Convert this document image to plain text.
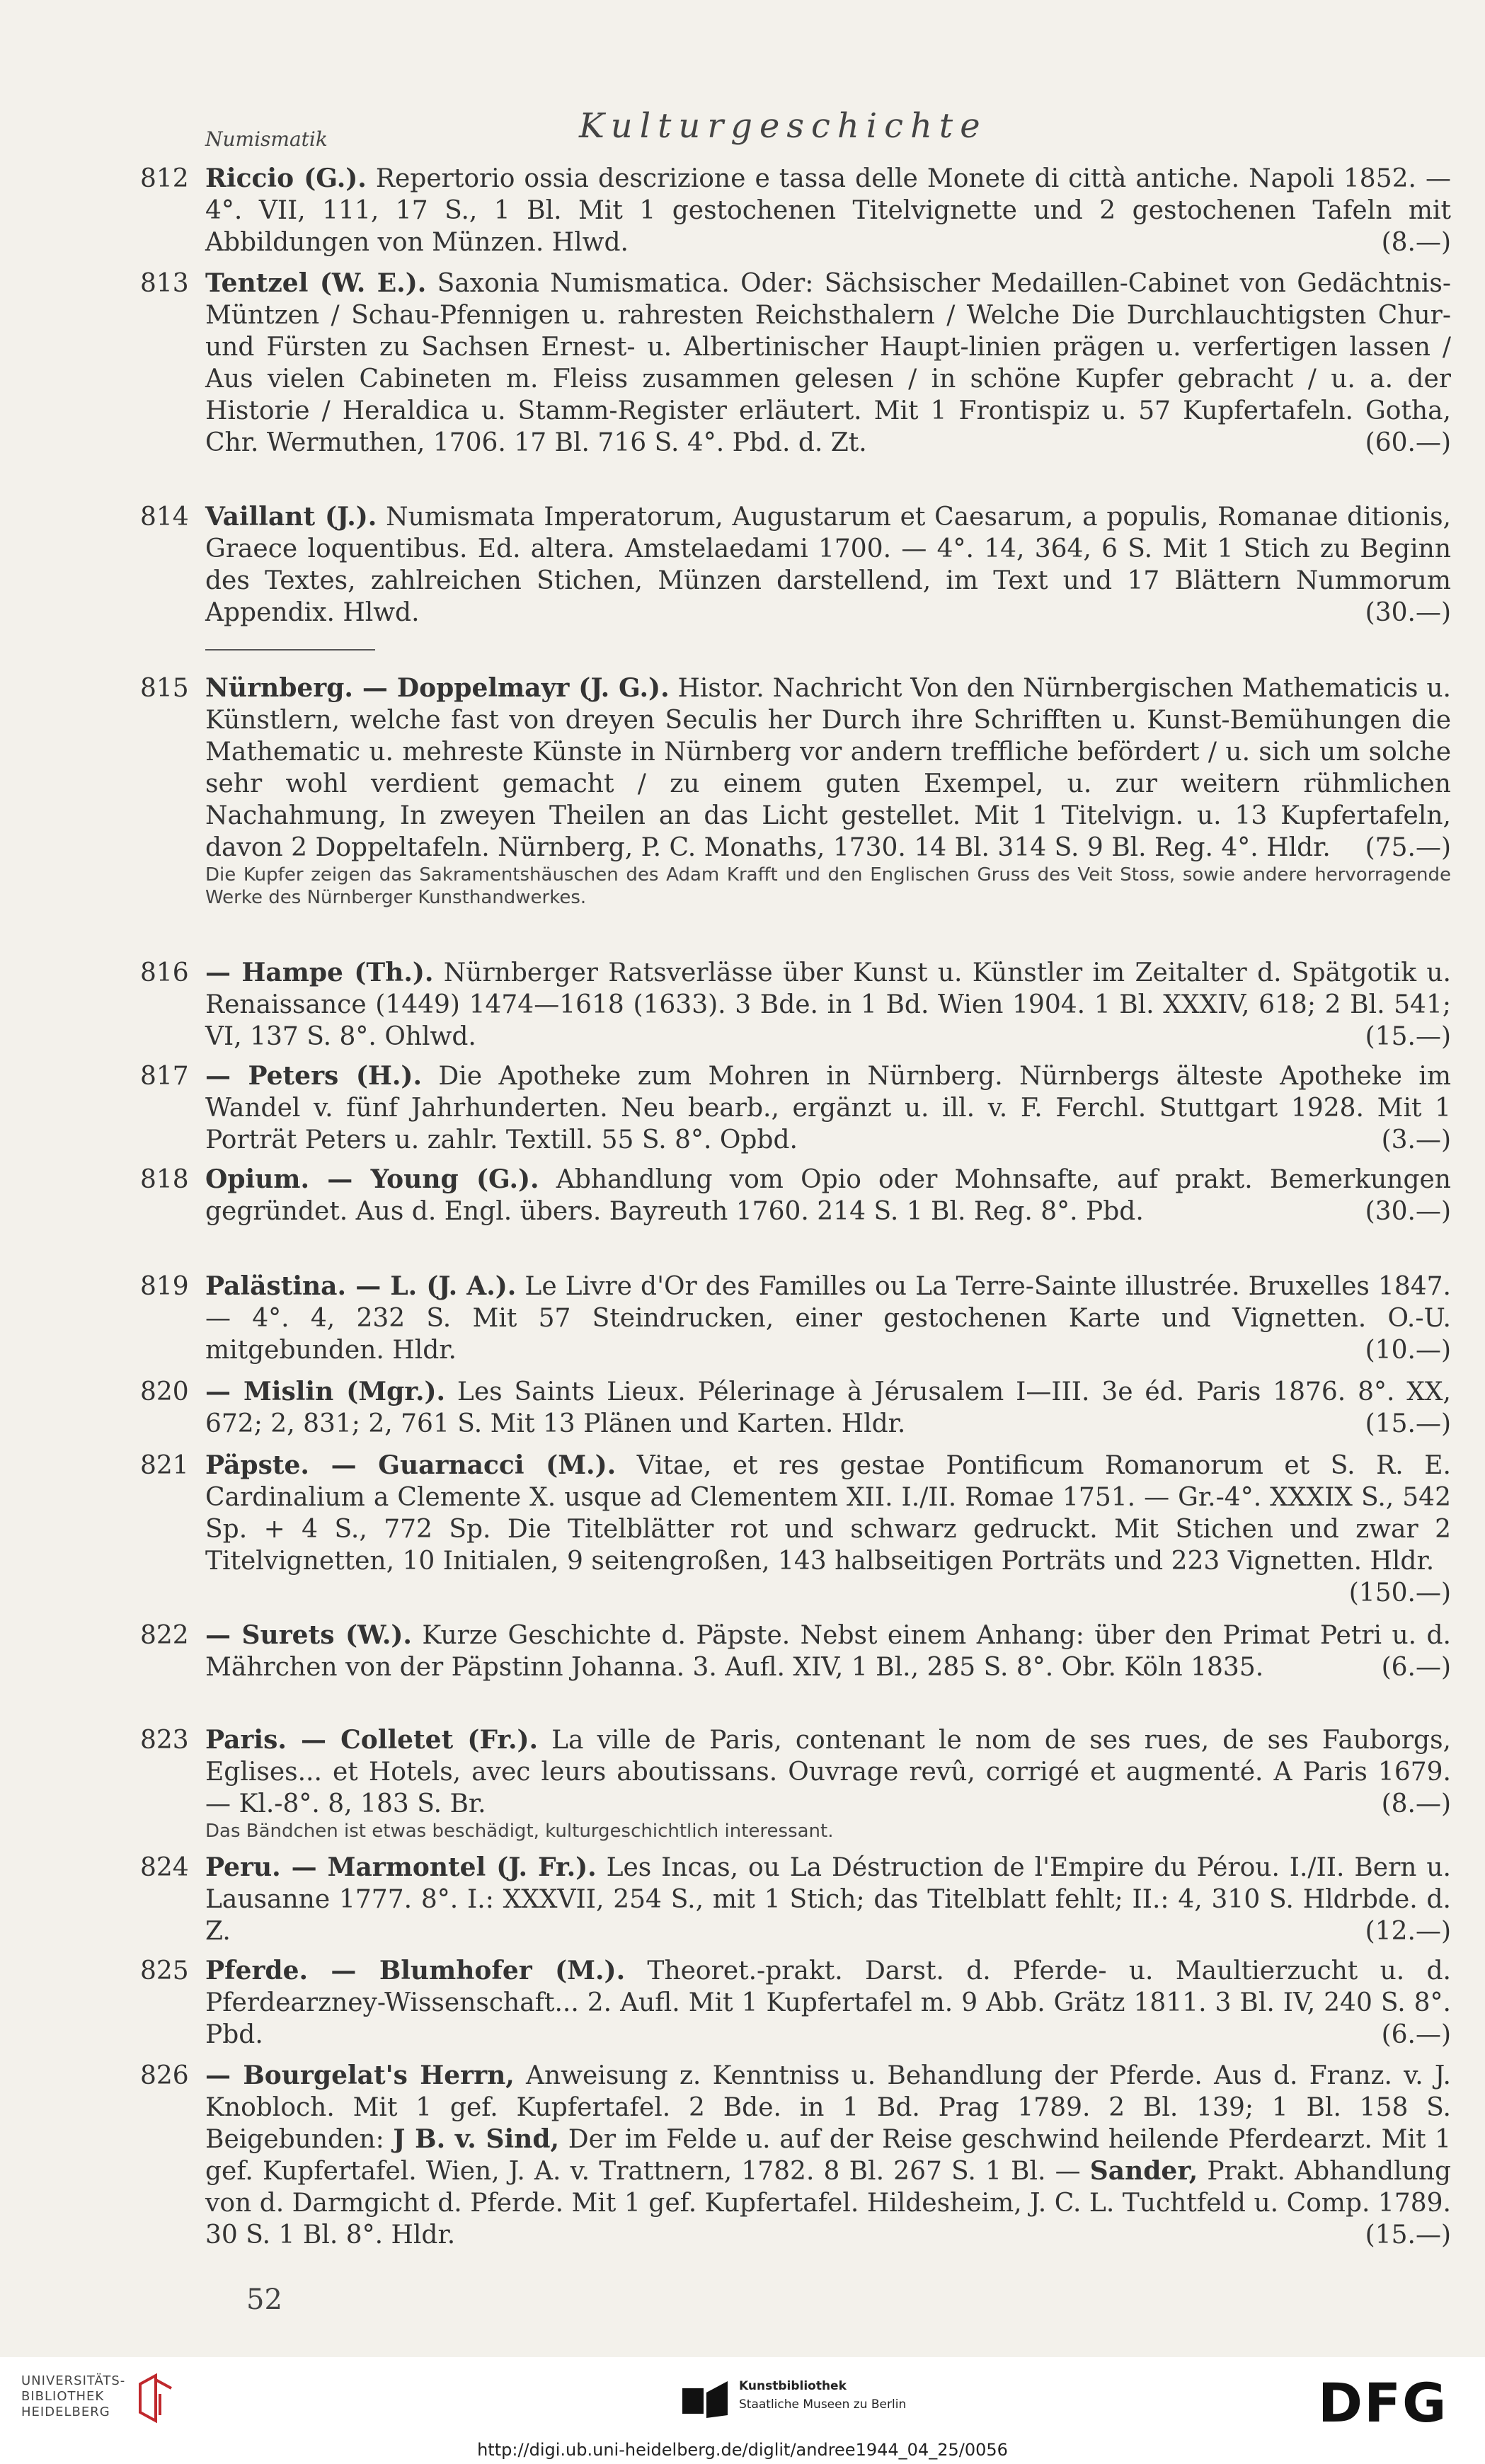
Numismatik	Kulturgeschichte
812 Riccio (G.). Repertorio ossia descrizione e tassa delle Monete di città antiche. Napoli 1852. — 4°. VII, 111, 17 S., 1 Bl. Mit 1 gestochenen Titelvignette und 2 gestochenen Tafeln mit Abbildungen von Münzen. Hlwd.	(8.—)
813 Tentzel (W. E.). Saxonia Numismatica. Oder: Sächsischer Medaillen-Cabinet von Gedächtnis-Müntzen / Schau-Pfennigen u. rahresten Reichsthalern / Welche Die Durchlauchtigsten Chur- und Fürsten zu Sachsen Ernest- u. Albertinischer Haupt-linien prägen u. verfertigen lassen / Aus vielen Cabineten m. Fleiss zusammen gelesen / in schöne Kupfer gebracht / u. a. der Historie / Heraldica u. Stamm-Register erläutert. Mit 1 Frontispiz u. 57 Kupfertafeln. Gotha, Chr. Wermuthen, 1706. 17 Bl. 716 S. 4°. Pbd. d. Zt.	(60.—)
814 Vaillant (J.). Numismata Imperatorum, Augustarum et Caesarum, a populis, Romanae ditionis, Graece loquentibus. Ed. altera. Amstelaedami 1700. — 4°. 14, 364, 6 S. Mit 1 Stich zu Beginn des Textes, zahlreichen Stichen, Münzen darstellend, im Text und 17 Blättern Nummorum Appendix. Hlwd.	(30.—)
815 Nürnberg. — Doppelmayr (J. G.). Histor. Nachricht Von den Nürnbergischen Mathematicis u. Künstlern, welche fast von dreyen Seculis her Durch ihre Schrifften u. Kunst-Bemühungen die Mathematic u. mehreste Künste in Nürnberg vor andern treffliche befördert / u. sich um solche sehr wohl verdient gemacht / zu einem guten Exempel, u. zur weitern rühmlichen Nachahmung, In zweyen Theilen an das Licht gestellet. Mit 1 Titelvign. u. 13 Kupfertafeln, davon 2 Doppeltafeln. Nürnberg, P. C. Monaths, 1730. 14 Bl. 314 S. 9 Bl. Reg. 4°. Hldr. (75.—)
Die Kupfer zeigen das Sakramentshäuschen des Adam Krafft und den Englischen Gruss des Veit Stoss, sowie andere hervorragende Werke des Nürnberger Kunsthandwerkes.
816 — Hampe (Th.). Nürnberger Ratsverlässe über Kunst u. Künstler im Zeitalter d. Spätgotik u. Renaissance (1449) 1474—1618 (1633). 3 Bde. in 1 Bd. Wien 1904. 1 Bl. XXXIV, 618; 2 Bl. 541; VI, 137 S. 8°. Ohlwd.	(15.—)
817 — Peters (H.). Die Apotheke zum Mohren in Nürnberg. Nürnbergs älteste Apotheke im Wandel v. fünf Jahrhunderten. Neu bearb., ergänzt u. ill. v. F. Ferchl. Stuttgart 1928. Mit 1 Porträt Peters u. zahlr. Textill. 55 S. 8°. Opbd.	(3.—)
818 Opium. — Young (G.). Abhandlung vom Opio oder Mohnsafte, auf prakt. Bemerkungen gegründet. Aus d. Engl. übers. Bayreuth 1760. 214 S. 1 Bl. Reg. 8°. Pbd.	(30.—)
819 Palästina. — L. (J. A.). Le Livre d'Or des Familles ou La Terre-Sainte illustrée. Bruxelles 1847. — 4°. 4, 232 S. Mit 57 Steindrucken, einer gestochenen Karte und Vignetten. O.-U. mitgebunden. Hldr.	(10.—)
820 — Mislin (Mgr.). Les Saints Lieux. Pélerinage à Jérusalem I—III. 3e éd. Paris 1876. 8°. XX, 672; 2, 831; 2, 761 S. Mit 13 Plänen und Karten. Hldr.	(15.—)
821 Päpste. — Guarnacci (M.). Vitae, et res gestae Pontificum Romanorum et S. R. E. Cardinalium a Clemente X. usque ad Clementem XII. I./II. Romae 1751. — Gr.-4°. XXXIX S., 542 Sp. + 4 S., 772 Sp. Die Titelblätter rot und schwarz gedruckt. Mit Stichen und zwar 2 Titelvignetten, 10 Initialen, 9 seitengroßen, 143 halbseitigen Porträts und 223 Vignetten. Hldr.
(150.—)
822 — Surets (W.). Kurze Geschichte d. Päpste. Nebst einem Anhang: über den Primat Petri u. d. Mährchen von der Päpstinn Johanna. 3. Aufl. XIV, 1 Bl., 285 S. 8°. Obr. Köln 1835.	(6.—)
823 Paris. — Colletet (Fr.). La ville de Paris, contenant le nom de ses rues, de ses Fauborgs, Eglises... et Hotels, avec leurs aboutissans. Ouvrage revû, corrigé et augmenté. A Paris 1679. — Kl.-8°. 8, 183 S. Br.	(8.—)
Das Bändchen ist etwas beschädigt, kulturgeschichtlich interessant.
824 Peru. — Marmontel (J. Fr.). Les Incas, ou La Déstruction de l'Empire du Pérou. I./II. Bern u. Lausanne 1777. 8°. I.: XXXVII, 254 S., mit 1 Stich; das Titelblatt fehlt; II.: 4, 310 S. Hldrbde. d. Z.	(12.—)
825 Pferde. — Blumhofer (M.). Theoret.-prakt. Darst. d. Pferde- u. Maultierzucht u. d. Pferdearzney-Wissenschaft... 2. Aufl. Mit 1 Kupfertafel m. 9 Abb. Grätz 1811. 3 Bl. IV, 240 S. 8°. Pbd.	(6.—)
826 — Bourgelat's Herrn, Anweisung z. Kenntniss u. Behandlung der Pferde. Aus d. Franz. v. J. Knobloch. Mit 1 gef. Kupfertafel. 2 Bde. in 1 Bd. Prag 1789. 2 Bl. 139; 1 Bl. 158 S. Beigebunden: J B. v. Sind, Der im Felde u. auf der Reise geschwind heilende Pferdearzt. Mit 1 gef. Kupfertafel. Wien, J. A. v. Trattnern, 1782. 8 Bl. 267 S. 1 Bl. — Sander, Prakt. Abhandlung von d. Darmgicht d. Pferde. Mit 1 gef. Kupfertafel. Hildesheim, J. C. L. Tuchtfeld u. Comp. 1789. 30 S. 1 Bl. 8°. Hldr.	(15.—)
52
UNIVERSITÄTS-
BIBLIOTHEK
HEIDELBERG
Kunstbibliothek
Staatliche Museen zu Berlin	DFG
http://digi.ub.uni-heidelberg.de/diglit/andree1944_04_25/0056
